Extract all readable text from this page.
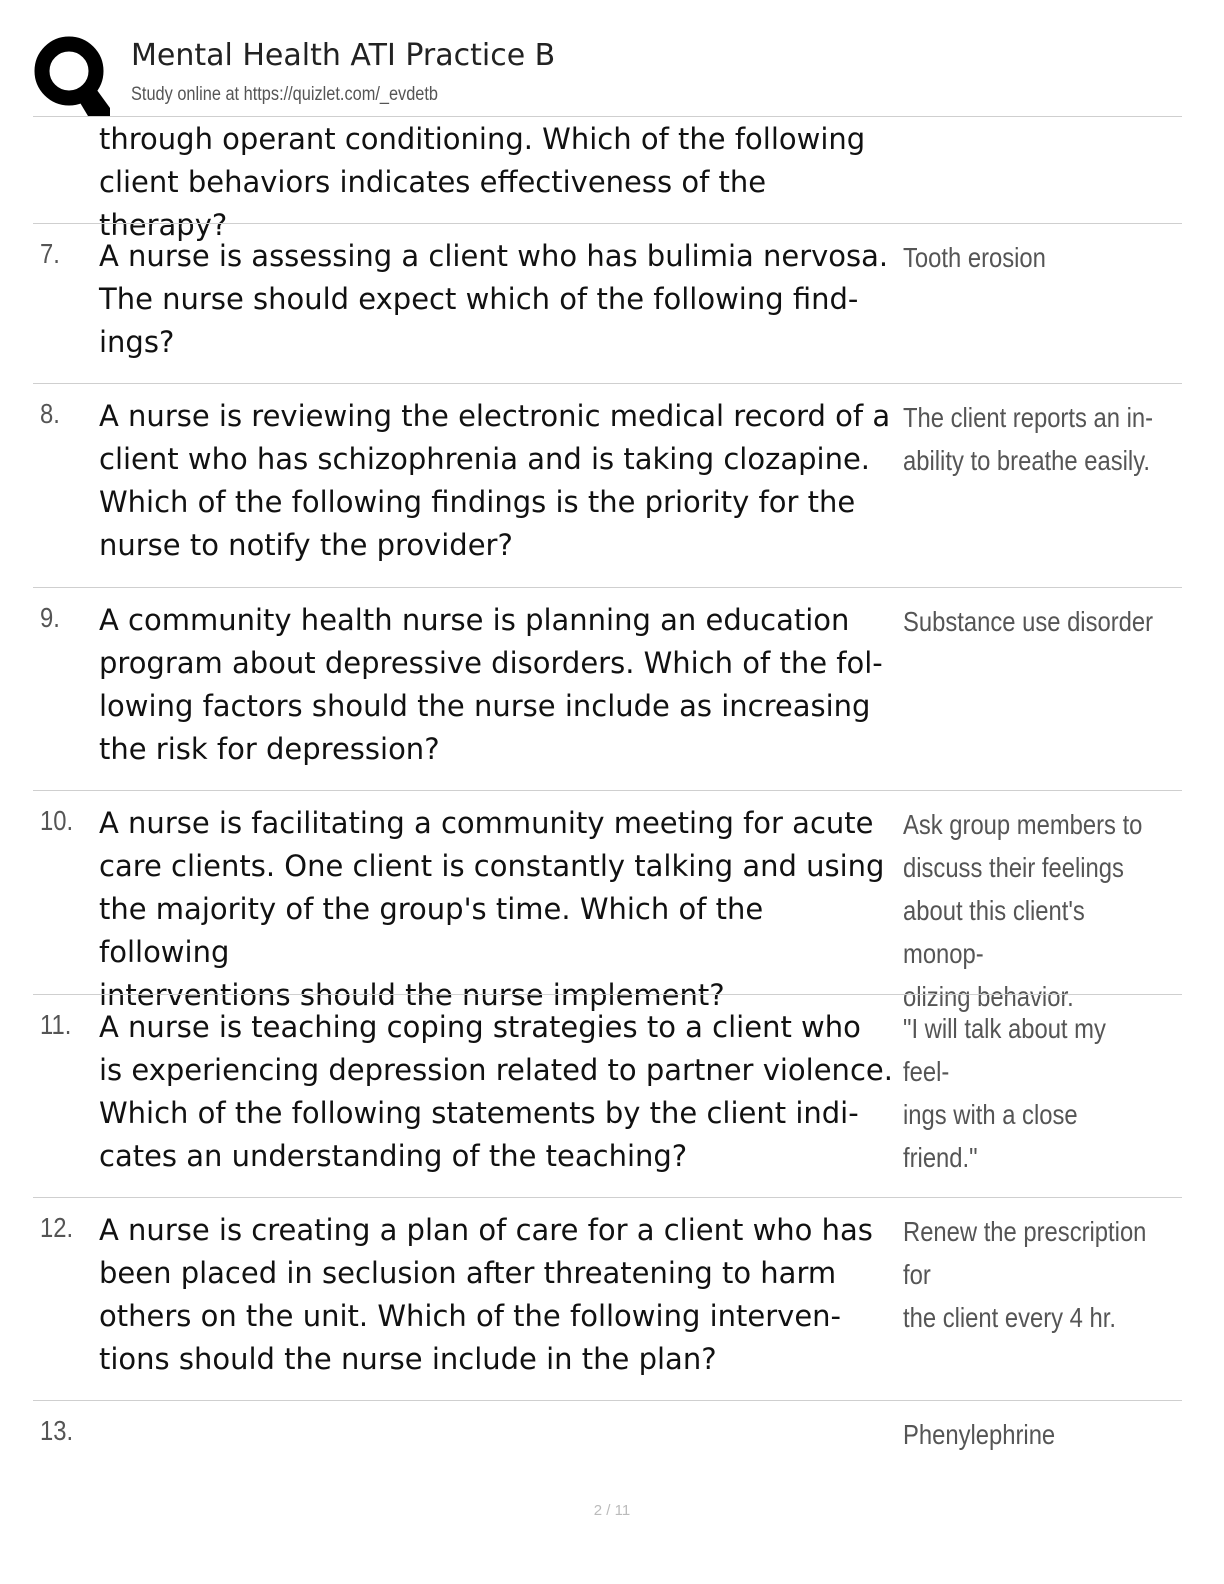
Mental Health ATI Practice B
Study online at https://quizlet.com/_evdetb
through operant conditioning. Which of the following
client behaviors indicates effectiveness of the therapy?
7. A nurse is assessing a client who has bulimia nervosa.
The nurse should expect which of the following find-
ings?
Tooth erosion
8. A nurse is reviewing the electronic medical record of a
client who has schizophrenia and is taking clozapine.
Which of the following findings is the priority for the
nurse to notify the provider?
The client reports an in-
ability to breathe easily.
9. A community health nurse is planning an education
program about depressive disorders. Which of the fol-
lowing factors should the nurse include as increasing
the risk for depression?
Substance use disorder
10. A nurse is facilitating a community meeting for acute
care clients. One client is constantly talking and using
the majority of the group's time. Which of the following
interventions should the nurse implement?
Ask group members to
discuss their feelings
about this client's monop-
olizing behavior.
11. A nurse is teaching coping strategies to a client who
is experiencing depression related to partner violence.
Which of the following statements by the client indi-
cates an understanding of the teaching?
"I will talk about my feel-
ings with a close friend."
12. A nurse is creating a plan of care for a client who has
been placed in seclusion after threatening to harm
others on the unit. Which of the following interven-
tions should the nurse include in the plan?
Renew the prescription for
the client every 4 hr.
13.	Phenylephrine
2 / 11
